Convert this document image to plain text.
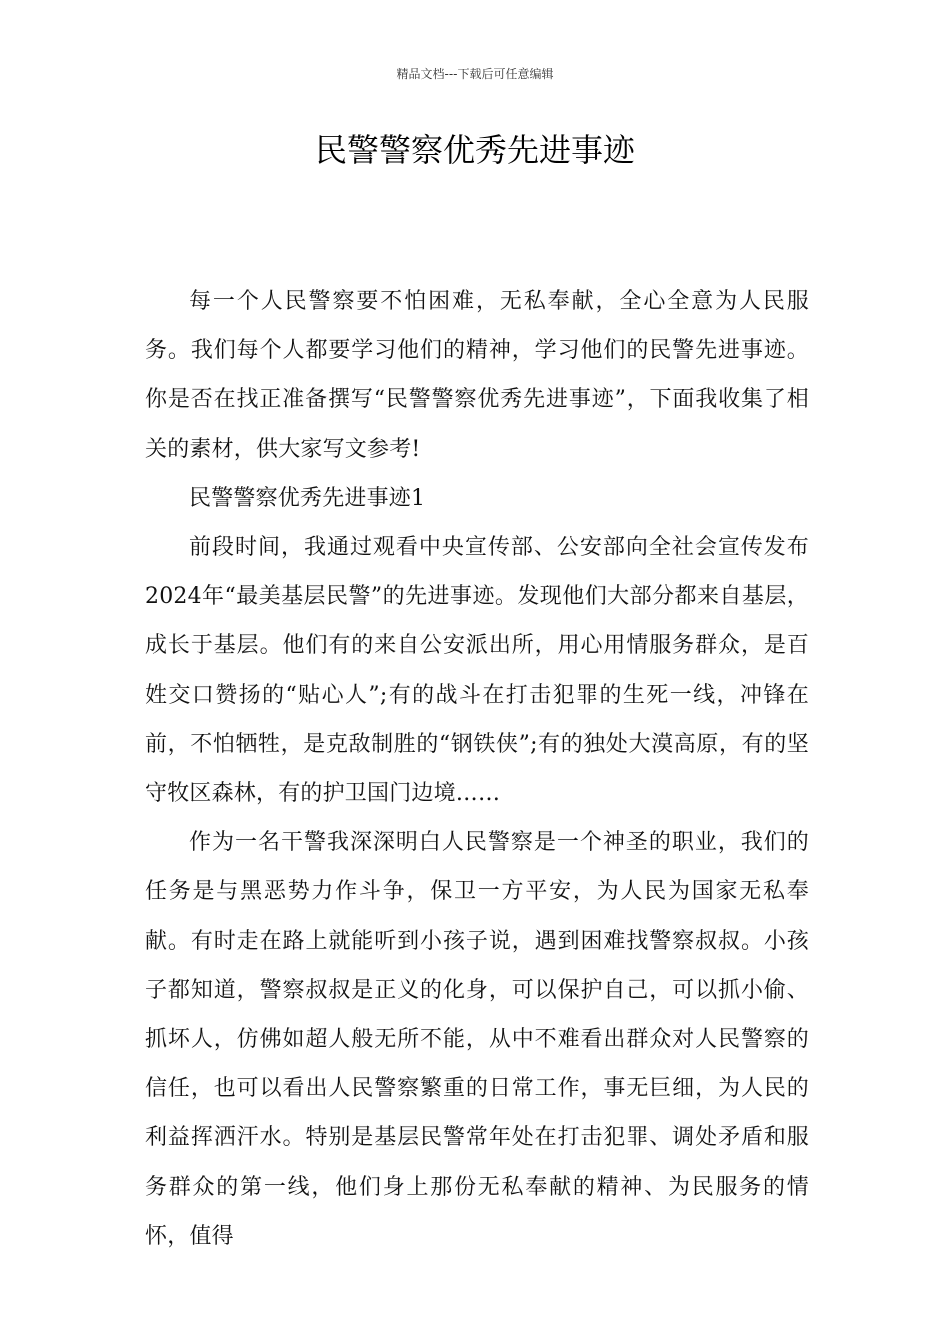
精品文档---下载后可任意编辑
民警警察优秀先进事迹

每一个人民警察要不怕困难，无私奉献，全心全意为人民服务。我们每个人都要学习他们的精神，学习他们的民警先进事迹。你是否在找正准备撰写“民警警察优秀先进事迹”，下面我收集了相关的素材，供大家写文参考!

民警警察优秀先进事迹1

前段时间，我通过观看中央宣传部、公安部向全社会宣传发布2024年“最美基层民警”的先进事迹。发现他们大部分都来自基层，成长于基层。他们有的来自公安派出所，用心用情服务群众，是百姓交口赞扬的“贴心人”;有的战斗在打击犯罪的生死一线，冲锋在前，不怕牺牲，是克敌制胜的“钢铁侠”;有的独处大漠高原，有的坚守牧区森林，有的护卫国门边境……

作为一名干警我深深明白人民警察是一个神圣的职业，我们的任务是与黑恶势力作斗争，保卫一方平安，为人民为国家无私奉献。有时走在路上就能听到小孩子说，遇到困难找警察叔叔。小孩子都知道，警察叔叔是正义的化身，可以保护自己，可以抓小偷、抓坏人，仿佛如超人般无所不能，从中不难看出群众对人民警察的信任，也可以看出人民警察繁重的日常工作，事无巨细，为人民的利益挥洒汗水。特别是基层民警常年处在打击犯罪、调处矛盾和服务群众的第一线，他们身上那份无私奉献的精神、为民服务的情怀，值得
